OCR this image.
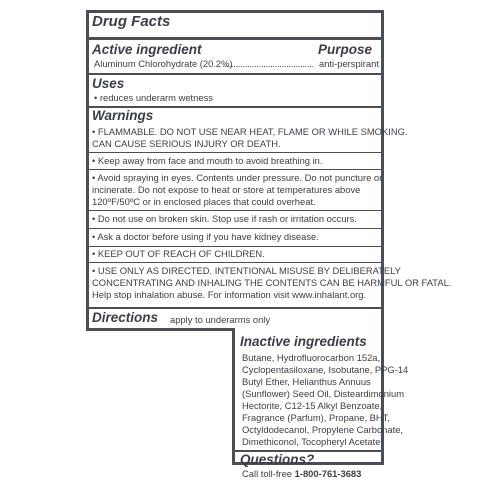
Drug Facts
Active ingredient	Purpose
Aluminum Chlorohydrate (20.2%)
....................................... anti-perspirant
Uses
• reduces underarm wetness
Warnings
• FLAMMABLE. DO NOT USE NEAR HEAT, FLAME OR WHILE SMOKING.
CAN CAUSE SERIOUS INJURY OR DEATH.
• Keep away from face and mouth to avoid breathing in.
• Avoid spraying in eyes. Contents under pressure. Do not puncture or
incinerate. Do not expose to heat or store at temperatures above
120ºF/50ºC or in enclosed places that could overheat.
• Do not use on broken skin. Stop use if rash or irritation occurs.
• Ask a doctor before using if you have kidney disease.
• KEEP OUT OF REACH OF CHILDREN.
• USE ONLY AS DIRECTED. INTENTIONAL MISUSE BY DELIBERATELY
CONCENTRATING AND INHALING THE CONTENTS CAN BE HARMFUL OR FATAL.
Help stop inhalation abuse. For information visit www.inhalant.org.
Directions apply to underarms only
Inactive ingredients
Butane, Hydrofluorocarbon 152a,
Cyclopentasiloxane, Isobutane, PPG-14
Butyl Ether, Helianthus Annuus
(Sunflower) Seed Oil, Disteardimonium
Hectorite, C12-15 Alkyl Benzoate,
Fragrance (Parfum), Propane, BHT,
Octyldodecanol, Propylene Carbonate,
Dimethiconol, Tocopheryl Acetate
Questions?
Call toll-free 1-800-761-3683
